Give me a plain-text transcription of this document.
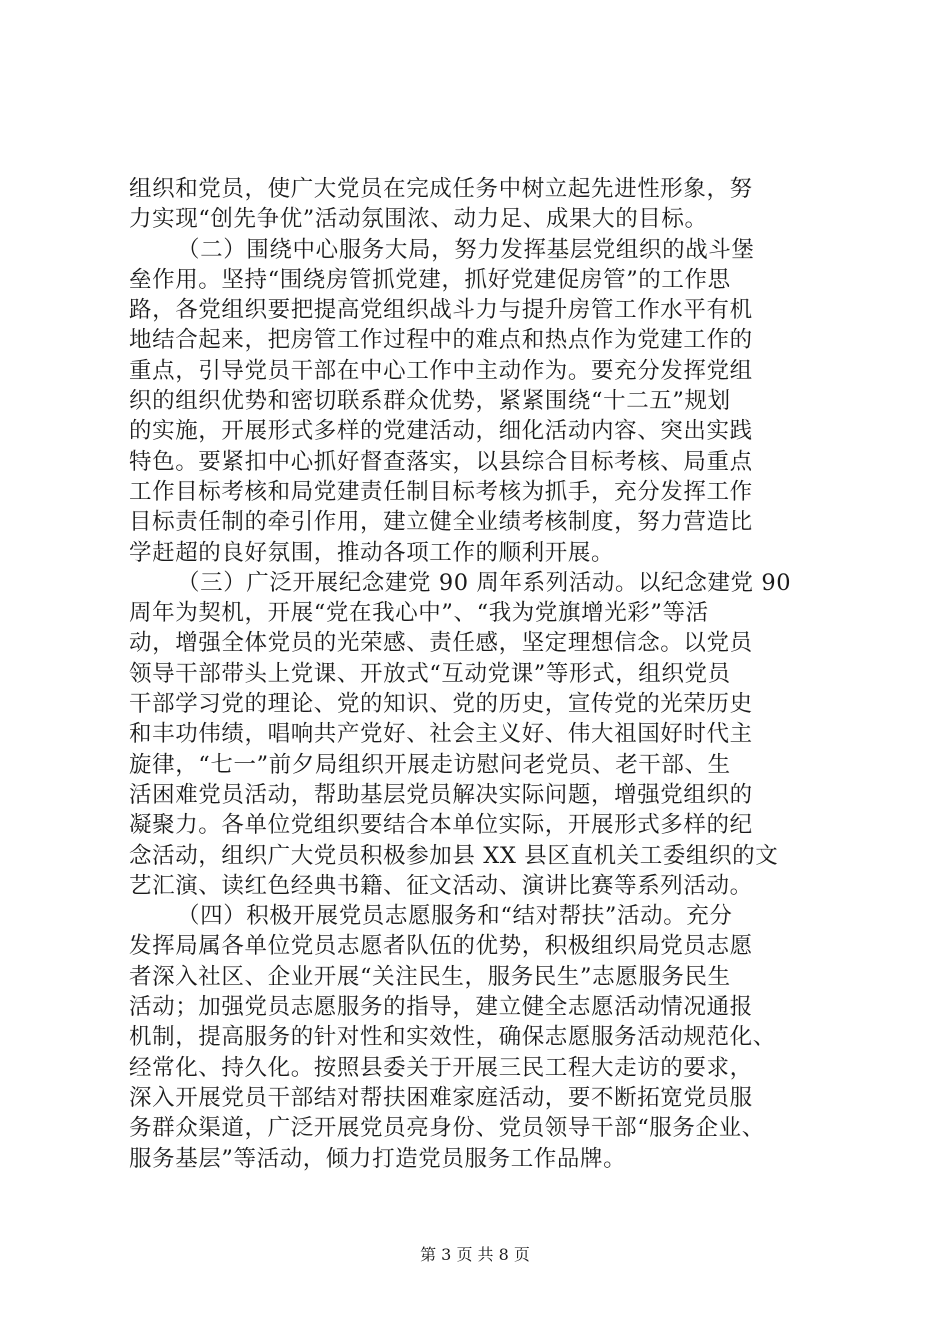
组织和党员，使广大党员在完成任务中树立起先进性形象，努
力实现“创先争优”活动氛围浓、动力足、成果大的目标。
（二）围绕中心服务大局，努力发挥基层党组织的战斗堡
垒作用。坚持“围绕房管抓党建，抓好党建促房管”的工作思
路，各党组织要把提高党组织战斗力与提升房管工作水平有机
地结合起来，把房管工作过程中的难点和热点作为党建工作的
重点，引导党员干部在中心工作中主动作为。要充分发挥党组
织的组织优势和密切联系群众优势，紧紧围绕“十二五”规划
的实施，开展形式多样的党建活动，细化活动内容、突出实践
特色。要紧扣中心抓好督查落实，以县综合目标考核、局重点
工作目标考核和局党建责任制目标考核为抓手，充分发挥工作
目标责任制的牵引作用，建立健全业绩考核制度，努力营造比
学赶超的良好氛围，推动各项工作的顺利开展。
（三）广泛开展纪念建党 90 周年系列活动。以纪念建党 90
周年为契机，开展“党在我心中”、“我为党旗增光彩”等活
动，增强全体党员的光荣感、责任感，坚定理想信念。以党员
领导干部带头上党课、开放式“互动党课”等形式，组织党员
干部学习党的理论、党的知识、党的历史，宣传党的光荣历史
和丰功伟绩，唱响共产党好、社会主义好、伟大祖国好时代主
旋律，“七一”前夕局组织开展走访慰问老党员、老干部、生
活困难党员活动，帮助基层党员解决实际问题，增强党组织的
凝聚力。各单位党组织要结合本单位实际，开展形式多样的纪
念活动，组织广大党员积极参加县 XX 县区直机关工委组织的文
艺汇演、读红色经典书籍、征文活动、演讲比赛等系列活动。
（四）积极开展党员志愿服务和“结对帮扶”活动。充分
发挥局属各单位党员志愿者队伍的优势，积极组织局党员志愿
者深入社区、企业开展“关注民生，服务民生”志愿服务民生
活动；加强党员志愿服务的指导，建立健全志愿活动情况通报
机制，提高服务的针对性和实效性，确保志愿服务活动规范化、
经常化、持久化。按照县委关于开展三民工程大走访的要求，
深入开展党员干部结对帮扶困难家庭活动，要不断拓宽党员服
务群众渠道，广泛开展党员亮身份、党员领导干部“服务企业、
服务基层”等活动，倾力打造党员服务工作品牌。
第 3 页 共 8 页
